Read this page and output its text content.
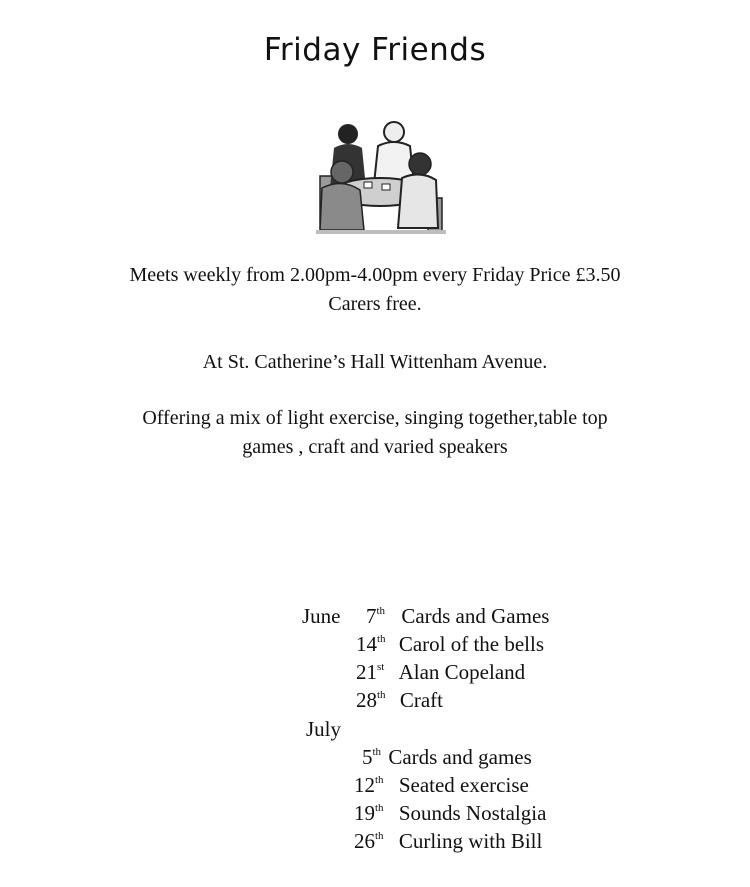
Friday Friends
Meets weekly from 2.00pm-4.00pm every Friday Price £3.50
Carers free.
At St. Catherine’s Hall Wittenham Avenue.
Offering a mix of light exercise, singing together,table top
games , craft and varied speakers
June 7th Cards and Games
14th Carol of the bells
21st Alan Copeland
28th Craft
July
5th Cards and games
12th Seated exercise
19th Sounds Nostalgia
26th Curling with Bill
